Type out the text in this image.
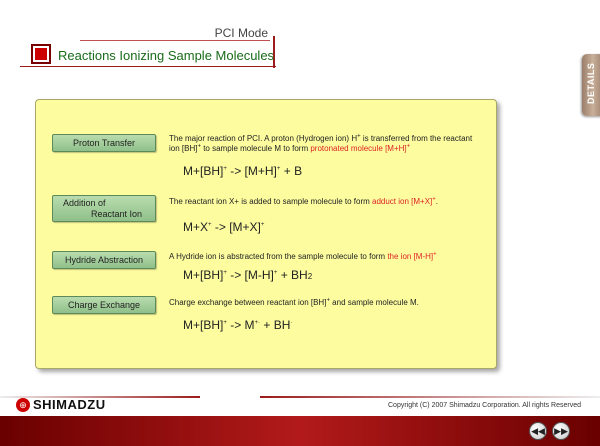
PCI Mode
Reactions Ionizing Sample Molecules
DETAILS
Proton Transfer	The major reaction of PCI. A proton (Hydrogen ion) H+ is transferred from the reactant ion [BH]+ to sample molecule M to form protonated molecule [M+H]+
M+[BH]+ -> [M+H]+ + B
Addition of
Reactant Ion
The reactant ion X+ is added to sample molecule to form adduct ion [M+X]+.
M+X+ -> [M+X]+
Hydride Abstraction	A Hydride ion is abstracted from the sample molecule to form the ion [M-H]+
M+[BH]+ -> [M-H]+ + BH2
Charge Exchange	Charge exchange between reactant ion [BH]+ and sample molecule M.
M+[BH]+ -> M+· + BH·
⊕ SHIMADZU	Copyright (C) 2007 Shimadzu Corporation. All rights Reserved
◀◀ ▶▶
